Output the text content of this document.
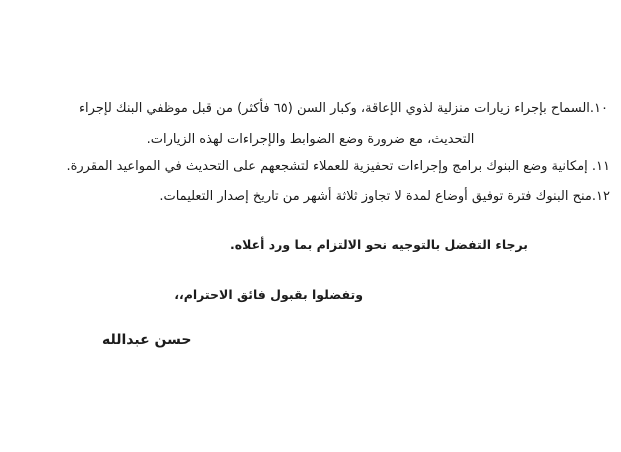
١٠.السماح بإجراء زيارات منزلية لذوي الإعاقة، وكبار السن (٦٥ فأكثر) من قبل موظفي البنك لإجراء
التحديث، مع ضرورة وضع الضوابط والإجراءات لهذه الزيارات.
١١. إمكانية وضع البنوك برامج وإجراءات تحفيزية للعملاء لتشجعهم على التحديث في المواعيد المقررة.
١٢.منح البنوك فترة توفيق أوضاع لمدة لا تجاوز ثلاثة أشهر من تاريخ إصدار التعليمات.
برجاء التفضل بالتوجيه نحو الالتزام بما ورد أعلاه.
وتفضلوا بقبول فائق الاحترام،،
حسن عبدالله
